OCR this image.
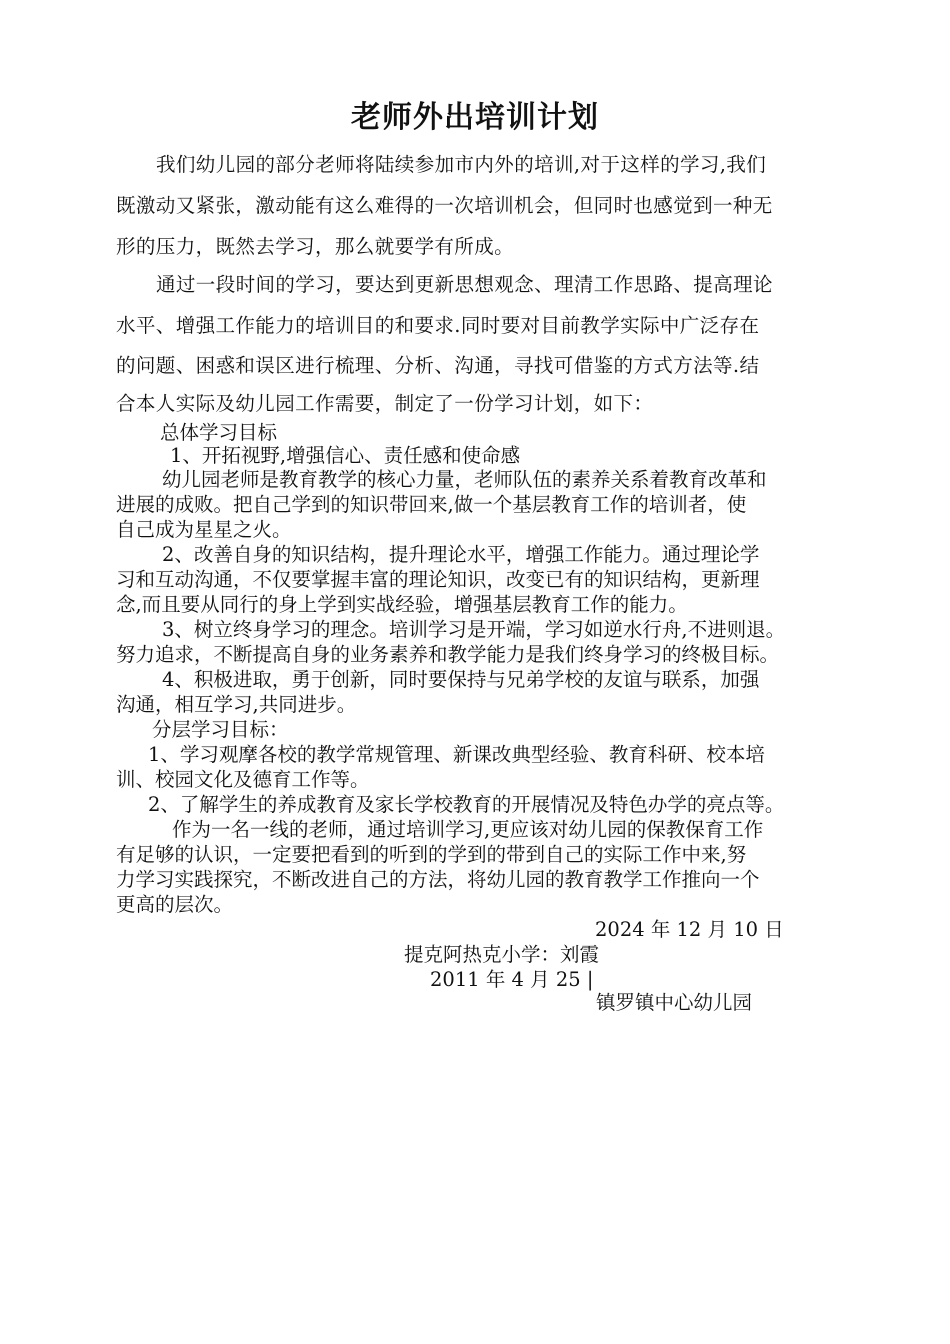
老师外出培训计划
我们幼儿园的部分老师将陆续参加市内外的培训,对于这样的学习,我们
既激动又紧张，激动能有这么难得的一次培训机会，但同时也感觉到一种无
形的压力，既然去学习，那么就要学有所成。
通过一段时间的学习，要达到更新思想观念、理清工作思路、提高理论
水平、增强工作能力的培训目的和要求.同时要对目前教学实际中广泛存在
的问题、困惑和误区进行梳理、分析、沟通，寻找可借鉴的方式方法等.结
合本人实际及幼儿园工作需要，制定了一份学习计划，如下：
总体学习目标
1、开拓视野,增强信心、责任感和使命感
幼儿园老师是教育教学的核心力量，老师队伍的素养关系着教育改革和
进展的成败。把自己学到的知识带回来,做一个基层教育工作的培训者，使
自己成为星星之火。
2、改善自身的知识结构，提升理论水平，增强工作能力。通过理论学
习和互动沟通，不仅要掌握丰富的理论知识，改变已有的知识结构，更新理
念,而且要从同行的身上学到实战经验，增强基层教育工作的能力。
3、树立终身学习的理念。培训学习是开端，学习如逆水行舟,不进则退。
努力追求，不断提高自身的业务素养和教学能力是我们终身学习的终极目标。
4、积极进取，勇于创新，同时要保持与兄弟学校的友谊与联系，加强
沟通，相互学习,共同进步。
分层学习目标：
1、学习观摩各校的教学常规管理、新课改典型经验、教育科研、校本培
训、校园文化及德育工作等。
2、了解学生的养成教育及家长学校教育的开展情况及特色办学的亮点等。
作为一名一线的老师，通过培训学习,更应该对幼儿园的保教保育工作
有足够的认识，一定要把看到的听到的学到的带到自己的实际工作中来,努
力学习实践探究，不断改进自己的方法，将幼儿园的教育教学工作推向一个
更高的层次。
2024 年 12 月 10 日
提克阿热克小学：刘霞
2011 年 4 月 25 |
镇罗镇中心幼儿园
